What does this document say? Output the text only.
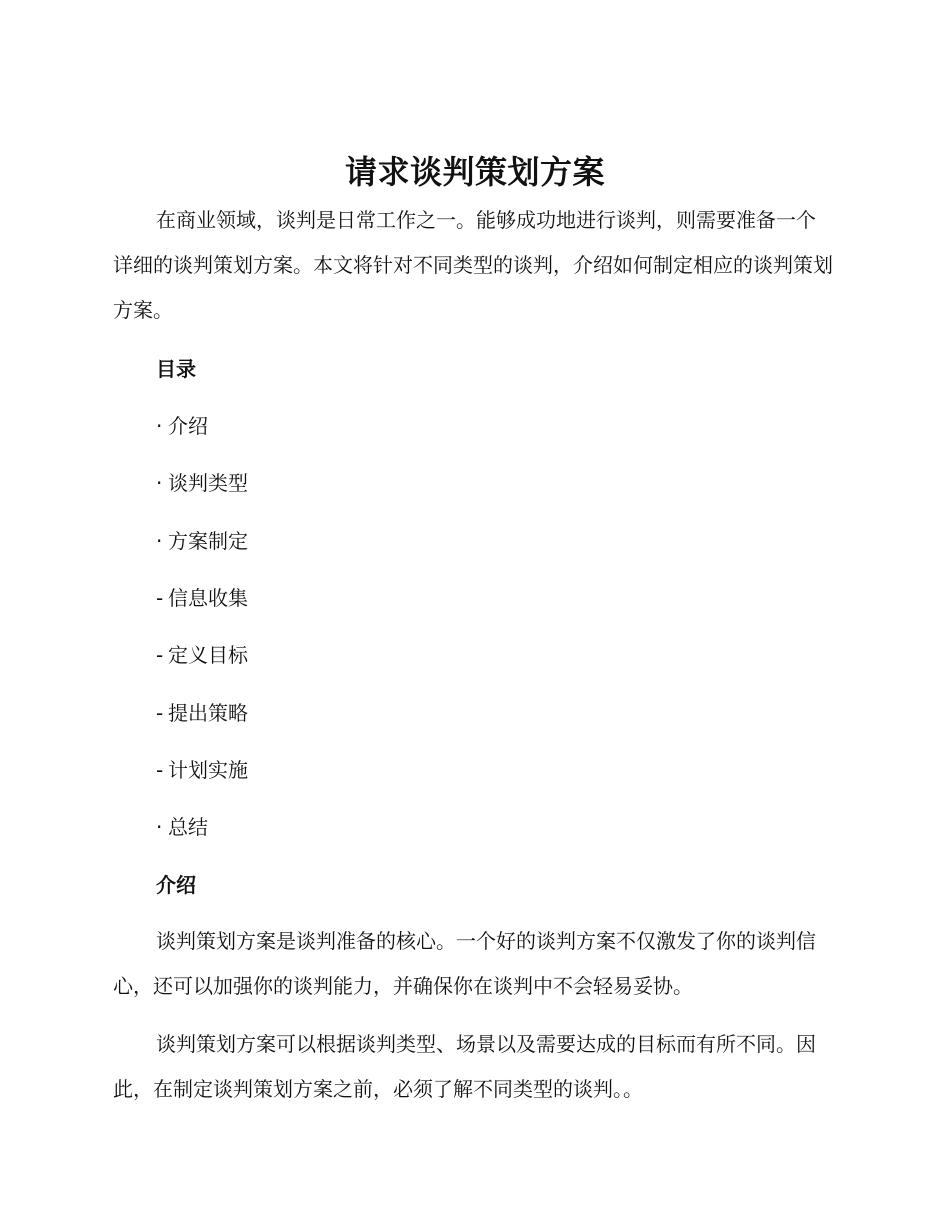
请求谈判策划方案

在商业领域，谈判是日常工作之一。能够成功地进行谈判，则需要准备一个详细的谈判策划方案。本文将针对不同类型的谈判，介绍如何制定相应的谈判策划方案。

目录
· 介绍
· 谈判类型
· 方案制定
- 信息收集
- 定义目标
- 提出策略
- 计划实施
· 总结
介绍

谈判策划方案是谈判准备的核心。一个好的谈判方案不仅激发了你的谈判信心，还可以加强你的谈判能力，并确保你在谈判中不会轻易妥协。

谈判策划方案可以根据谈判类型、场景以及需要达成的目标而有所不同。因此，在制定谈判策划方案之前，必须了解不同类型的谈判。。
